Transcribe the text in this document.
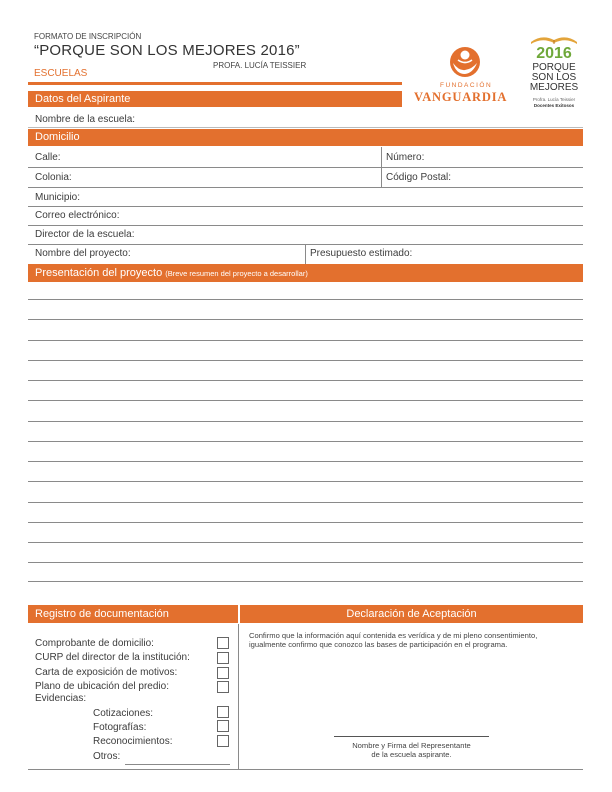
FORMATO DE INSCRIPCIÓN
“PORQUE SON LOS MEJORES 2016”
PROFA. LUCÍA TEISSIER
ESCUELAS
FUNDACIÓN
VANGUARDIA
2016
PORQUE
SON LOS
MEJORES
Profra. Lucía Teissier
Docentes Exitosos
Datos del Aspirante
Nombre de la escuela:
Domicilio
Calle:	Número:
Colonia:	Código Postal:
Municipio:
Correo electrónico:
Director de la escuela:
Nombre del proyecto:	Presupuesto estimado:
Presentación del proyecto (Breve resumen del proyecto a desarrollar)
Registro de documentación	Declaración de Aceptación
Comprobante de domicilio:
CURP del director de la institución:
Carta de exposición de motivos:
Plano de ubicación del predio:
Evidencias:
Cotizaciones:
Fotografías:
Reconocimientos:
Otros:
Confirmo que la información aquí contenida es verídica y de mi pleno consentimiento,
igualmente confirmo que conozco las bases de participación en el programa.
Nombre y Firma del Representante
de la escuela aspirante.
